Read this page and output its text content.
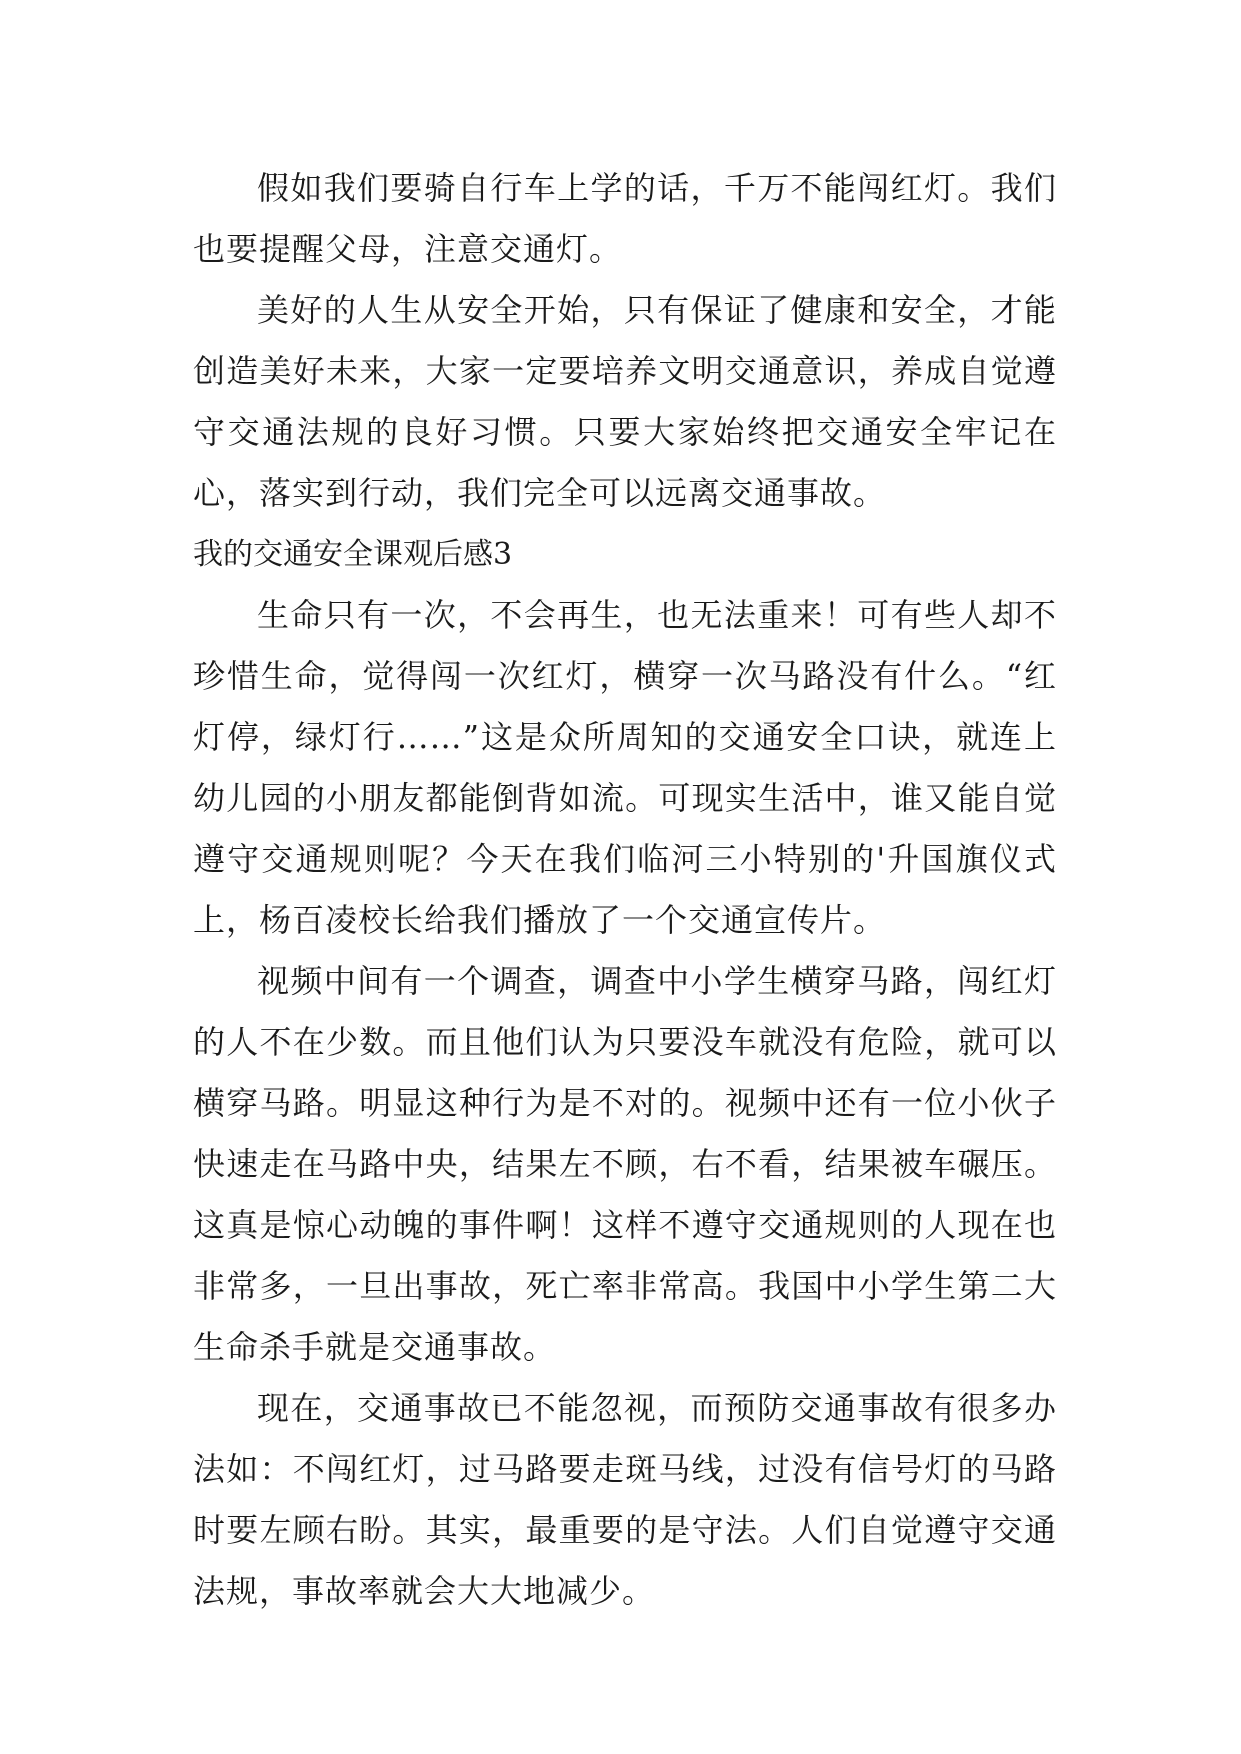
假如我们要骑自行车上学的话，千万不能闯红灯。我们也要提醒父母，注意交通灯。

美好的人生从安全开始，只有保证了健康和安全，才能创造美好未来，大家一定要培养文明交通意识，养成自觉遵守交通法规的良好习惯。只要大家始终把交通安全牢记在心，落实到行动，我们完全可以远离交通事故。

我的交通安全课观后感3

生命只有一次，不会再生，也无法重来！可有些人却不珍惜生命，觉得闯一次红灯，横穿一次马路没有什么。“红灯停，绿灯行……”这是众所周知的交通安全口诀，就连上幼儿园的小朋友都能倒背如流。可现实生活中，谁又能自觉遵守交通规则呢？今天在我们临河三小特别的'升国旗仪式上，杨百凌校长给我们播放了一个交通宣传片。

视频中间有一个调查，调查中小学生横穿马路，闯红灯的人不在少数。而且他们认为只要没车就没有危险，就可以横穿马路。明显这种行为是不对的。视频中还有一位小伙子快速走在马路中央，结果左不顾，右不看，结果被车碾压。这真是惊心动魄的事件啊！这样不遵守交通规则的人现在也非常多，一旦出事故，死亡率非常高。我国中小学生第二大生命杀手就是交通事故。

现在，交通事故已不能忽视，而预防交通事故有很多办法如：不闯红灯，过马路要走斑马线，过没有信号灯的马路时要左顾右盼。其实，最重要的是守法。人们自觉遵守交通法规，事故率就会大大地减少。
